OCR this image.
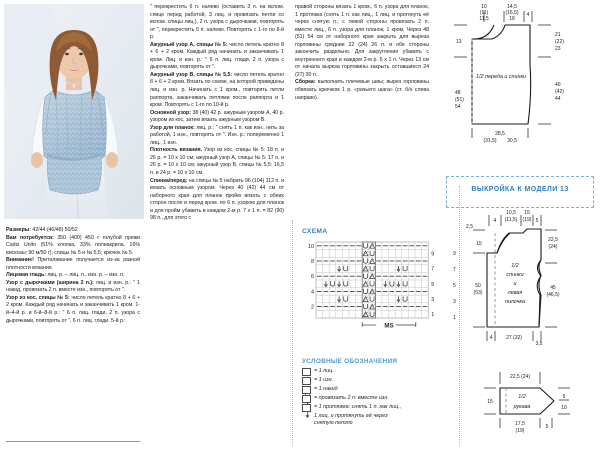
Размеры: 42/44 (46/48) 50/52

Вам потребуется: 350 (400) 450 г голубой пряжи Cadiz Unito (51% хлопка, 33% полиакрила, 16% вискозы; 90 м/50 г); спицы № 5 и № 5,5; крючок № 5.

Внимание! Приталивание получается из-за разной плотности вязания.

Лицевая гладь: лиц. р. – лиц. п., изн. р. – изн. п.

Узор с дырочками (ширина 2 п.): лиц. и изн. р.: " 1 накид, провязать 2 п. вместе изн., повторять от ".

Узор из кос, спицы № 5: число петель кратно 8 + 6 + 2 кром. Каждый ряд начинать и заканчивать 1 кром. 1-й–4-й р. и 6-й–8-й р.: " 6 п. лиц. глади, 2 п. узора с дырочками, повторять от ", 6 п. лиц. глади. 5-й р.:

" перекрестить 6 п. налево (оставить 3 п. на вспом. спице перед работой, 3 лиц. и провязать петли со вспом. спицы лиц.), 2 п. узора с дырочками, повторять от ", перекрестить 6 п. налево. Повторять с 1-го по 8-й р.

Ажурный узор А, спицы № 5: число петель кратно 8 + 6 + 2 кром. Каждый ряд начинать и заканчивать 1 кром. Лиц. и изн. р.: " 6 п. лиц. глади, 2 п. узора с дырочками, повторять от ".

Ажурный узор В, спицы № 5,5: число петель кратно 8 + 6 + 2 кром. Вязать по схеме, на которой приведены лиц. и изн. р. Начинать с 1 кром., повторять петли раппорта, заканчивать петлями после раппорта и 1 кром. Повторять с 1-го по 10-й р.

Основной узор: 38 (40) 42 р. ажурным узором А, 40 р. узором из кос, затем вязать ажурным узором В.

Узор для планок: лиц. р.: " снять 1 п. как изн., нить за работой, 1 изн., повторять от ". Изн. р.: попеременно 1 лиц., 1 изн.

Плотность вязания. Узор из кос, спицы № 5: 18 п. и 26 р. = 10 х 10 см; ажурный узор А, спицы № 5: 17 п. и 26 р. = 10 х 10 см; ажурный узор В, спицы № 5,5: 16,5 п. и 24 р. = 10 х 10 см.

Спинка/перед: на спицы № 5 набрать 96 (104) 112 п. и вязать основным узором. Через 40 (42) 44 см от наборного края для планок пройм вязать с обеих сторон после и перед кром. по 6 п. узором для планок и для пройм убавить в каждом 2-м р. 7 х 1 п. = 82 (90) 98 п., для этого с

правой стороны вязать 1 кром., 6 п. узора для планок, 1 протяжка (снять 1 п. как лиц., 1 лиц. и протянуть её через снятую п.; с левой стороны провязать 2 п. вместе лиц., 6 п. узора для планок, 1 кром. Через 48 (51) 54 см от наборного края закрыть для выреза горловины средние 22 (24) 26 п. и обе стороны закончить раздельно. Для закругления убавить с внутреннего края в каждом 2-м р. 6 х 1 п. Через 13 см от начала выреза горловины закрыть оставшиеся 24 (27) 30 п.

Сборка: выполнить плечевые швы; вырез горловины обвязать крючком 1 р. «рачьего шага» (ст. б/н слева направо).

10
(11)
11,5
14,5
(16,5)
18
4
13
48
(51)
54
21
(22)
23
40
(42)
44
28,5
(31,5) 30,5
1/2 переда и спинки
ВЫКРОЙКА К МОДЕЛИ 13
СХЕМА
10
8
6
4
2
9
7
5
3
1
MS
4
10,5
(11,5)
15
(19) 5
2,5
15
50
(53)
22,5
(24)
45
(46,5)
4	27 (32)
3,5
1/2
спинки
и
левая
полочка
9
7
5
3
1
УСЛОВНЫЕ ОБОЗНАЧЕНИЯ
= 1 лиц.
= 1 изн.
= 1 накид
= провязать 2 п. вместе изн.
= 1 протяжка: снять 1 п. как лиц.,
1 лиц. и протянуть её через
снятую петлю
22,5 (24)
15
5
10
17,5
(19)
5
1/2
рукава
